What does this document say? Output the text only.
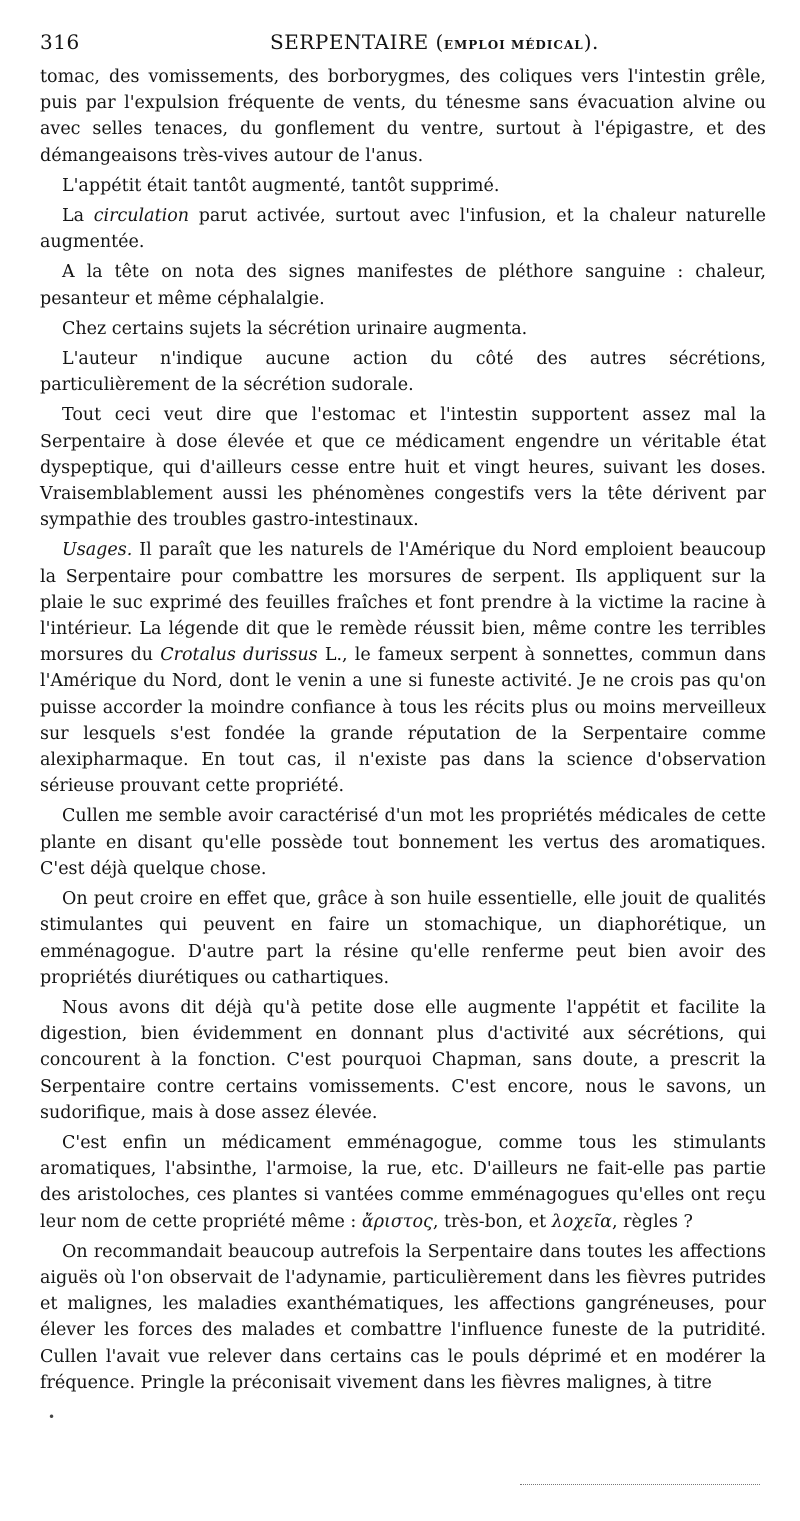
316	SERPENTAIRE (EMPLOI MÉDICAL).

tomac, des vomissements, des borborygmes, des coliques vers l'intestin grêle, puis par l'expulsion fréquente de vents, du ténesme sans évacuation alvine ou avec selles tenaces, du gonflement du ventre, surtout à l'épigastre, et des démangeaisons très-vives autour de l'anus.

L'appétit était tantôt augmenté, tantôt supprimé.

La circulation parut activée, surtout avec l'infusion, et la chaleur naturelle augmentée.

A la tête on nota des signes manifestes de pléthore sanguine : chaleur, pesanteur et même céphalalgie.

Chez certains sujets la sécrétion urinaire augmenta.

L'auteur n'indique aucune action du côté des autres sécrétions, particulièrement de la sécrétion sudorale.

Tout ceci veut dire que l'estomac et l'intestin supportent assez mal la Serpentaire à dose élevée et que ce médicament engendre un véritable état dyspeptique, qui d'ailleurs cesse entre huit et vingt heures, suivant les doses. Vraisemblablement aussi les phénomènes congestifs vers la tête dérivent par sympathie des troubles gastro-intestinaux.

Usages. Il paraît que les naturels de l'Amérique du Nord emploient beaucoup la Serpentaire pour combattre les morsures de serpent. Ils appliquent sur la plaie le suc exprimé des feuilles fraîches et font prendre à la victime la racine à l'intérieur. La légende dit que le remède réussit bien, même contre les terribles morsures du Crotalus durissus L., le fameux serpent à sonnettes, commun dans l'Amérique du Nord, dont le venin a une si funeste activité. Je ne crois pas qu'on puisse accorder la moindre confiance à tous les récits plus ou moins merveilleux sur lesquels s'est fondée la grande réputation de la Serpentaire comme alexipharmaque. En tout cas, il n'existe pas dans la science d'observation sérieuse prouvant cette propriété.

Cullen me semble avoir caractérisé d'un mot les propriétés médicales de cette plante en disant qu'elle possède tout bonnement les vertus des aromatiques. C'est déjà quelque chose.

On peut croire en effet que, grâce à son huile essentielle, elle jouit de qualités stimulantes qui peuvent en faire un stomachique, un diaphorétique, un emménagogue. D'autre part la résine qu'elle renferme peut bien avoir des propriétés diurétiques ou cathartiques.

Nous avons dit déjà qu'à petite dose elle augmente l'appétit et facilite la digestion, bien évidemment en donnant plus d'activité aux sécrétions, qui concourent à la fonction. C'est pourquoi Chapman, sans doute, a prescrit la Serpentaire contre certains vomissements. C'est encore, nous le savons, un sudorifique, mais à dose assez élevée.

C'est enfin un médicament emménagogue, comme tous les stimulants aromatiques, l'absinthe, l'armoise, la rue, etc. D'ailleurs ne fait-elle pas partie des aristoloches, ces plantes si vantées comme emménagogues qu'elles ont reçu leur nom de cette propriété même : ἄριστος, très-bon, et λοχεῖα, règles ?

On recommandait beaucoup autrefois la Serpentaire dans toutes les affections aiguës où l'on observait de l'adynamie, particulièrement dans les fièvres putrides et malignes, les maladies exanthématiques, les affections gangréneuses, pour élever les forces des malades et combattre l'influence funeste de la putridité. Cullen l'avait vue relever dans certains cas le pouls déprimé et en modérer la fréquence. Pringle la préconisait vivement dans les fièvres malignes, à titre

•
